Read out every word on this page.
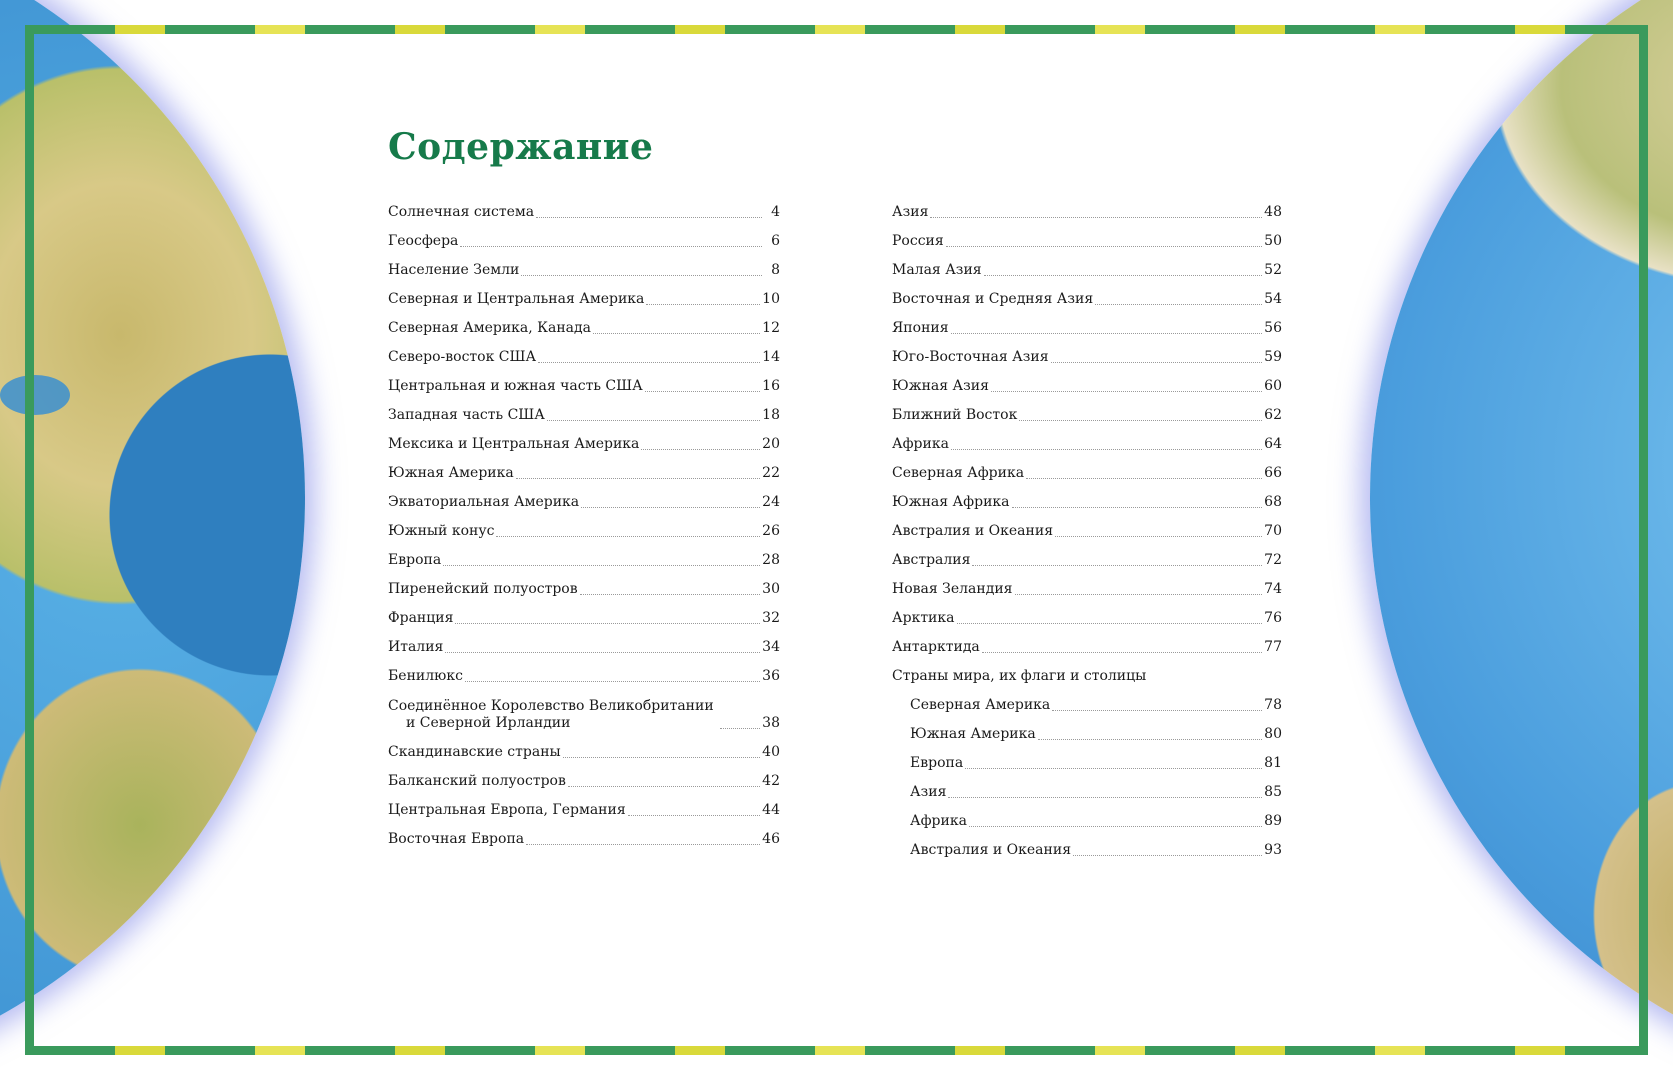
Содержание
Солнечная система	4
Геосфера	6
Население Земли	8
Северная и Центральная Америка	10
Северная Америка, Канада	12
Северо-восток США	14
Центральная и южная часть США	16
Западная часть США	18
Мексика и Центральная Америка	20
Южная Америка	22
Экваториальная Америка	24
Южный конус	26
Европа	28
Пиренейский полуостров	30
Франция	32
Италия	34
Бенилюкс	36
Соединённое Королевство Великобритании
и Северной Ирландии	38
Скандинавские страны	40
Балканский полуостров	42
Центральная Европа, Германия	44
Восточная Европа	46
Азия	48
Россия	50
Малая Азия	52
Восточная и Средняя Азия	54
Япония	56
Юго-Восточная Азия	59
Южная Азия	60
Ближний Восток	62
Африка	64
Северная Африка	66
Южная Африка	68
Австралия и Океания	70
Австралия	72
Новая Зеландия	74
Арктика	76
Антарктида	77
Страны мира, их флаги и столицы
Северная Америка	78
Южная Америка	80
Европа	81
Азия	85
Африка	89
Австралия и Океания	93
